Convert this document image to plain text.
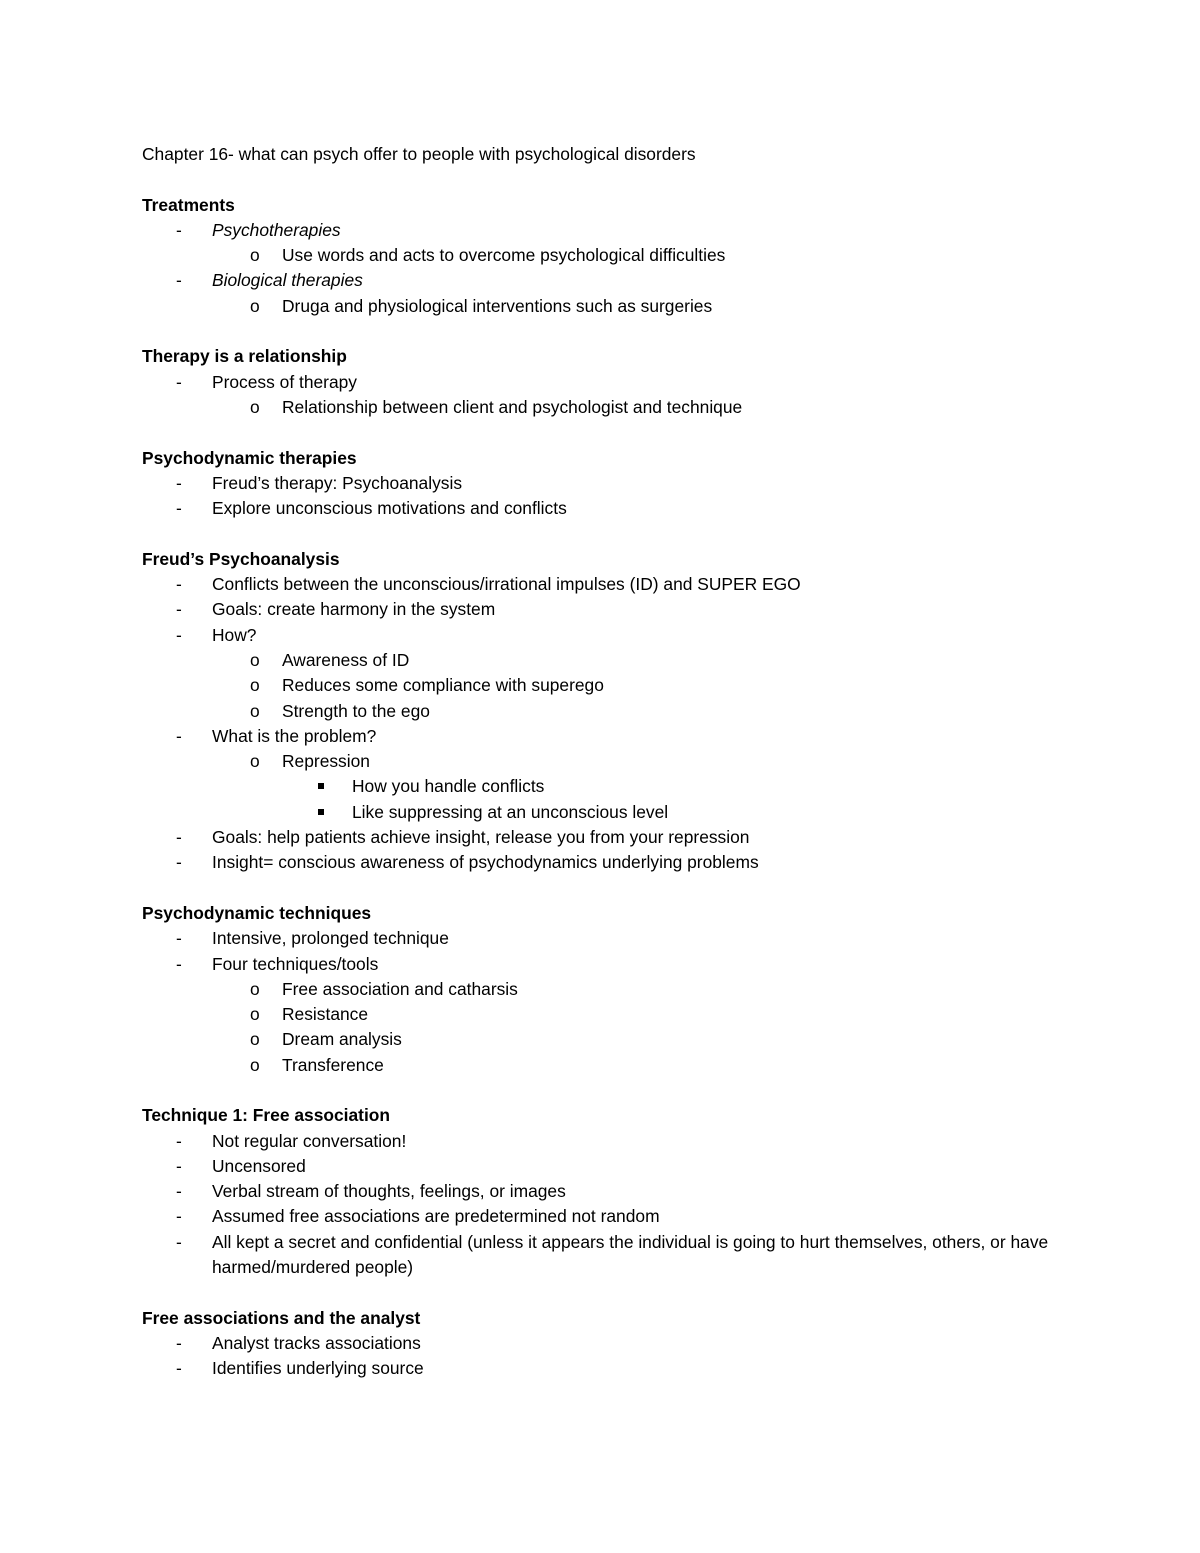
Chapter 16- what can psych offer to people with psychological disorders
Treatments
- Psychotherapies
o Use words and acts to overcome psychological difficulties
- Biological therapies
o Druga and physiological interventions such as surgeries
Therapy is a relationship
- Process of therapy
o Relationship between client and psychologist and technique
Psychodynamic therapies
- Freud’s therapy: Psychoanalysis
- Explore unconscious motivations and conflicts
Freud’s Psychoanalysis
- Conflicts between the unconscious/irrational impulses (ID) and SUPER EGO
- Goals: create harmony in the system
- How?
o Awareness of ID
o Reduces some compliance with superego
o Strength to the ego
- What is the problem?
o Repression
How you handle conflicts
Like suppressing at an unconscious level
- Goals: help patients achieve insight, release you from your repression
- Insight= conscious awareness of psychodynamics underlying problems
Psychodynamic techniques
- Intensive, prolonged technique
- Four techniques/tools
o Free association and catharsis
o Resistance
o Dream analysis
o Transference
Technique 1: Free association
- Not regular conversation!
- Uncensored
- Verbal stream of thoughts, feelings, or images
- Assumed free associations are predetermined not random
- All kept a secret and confidential (unless it appears the individual is going to hurt themselves, others, or have harmed/murdered people)
Free associations and the analyst
- Analyst tracks associations
- Identifies underlying source
